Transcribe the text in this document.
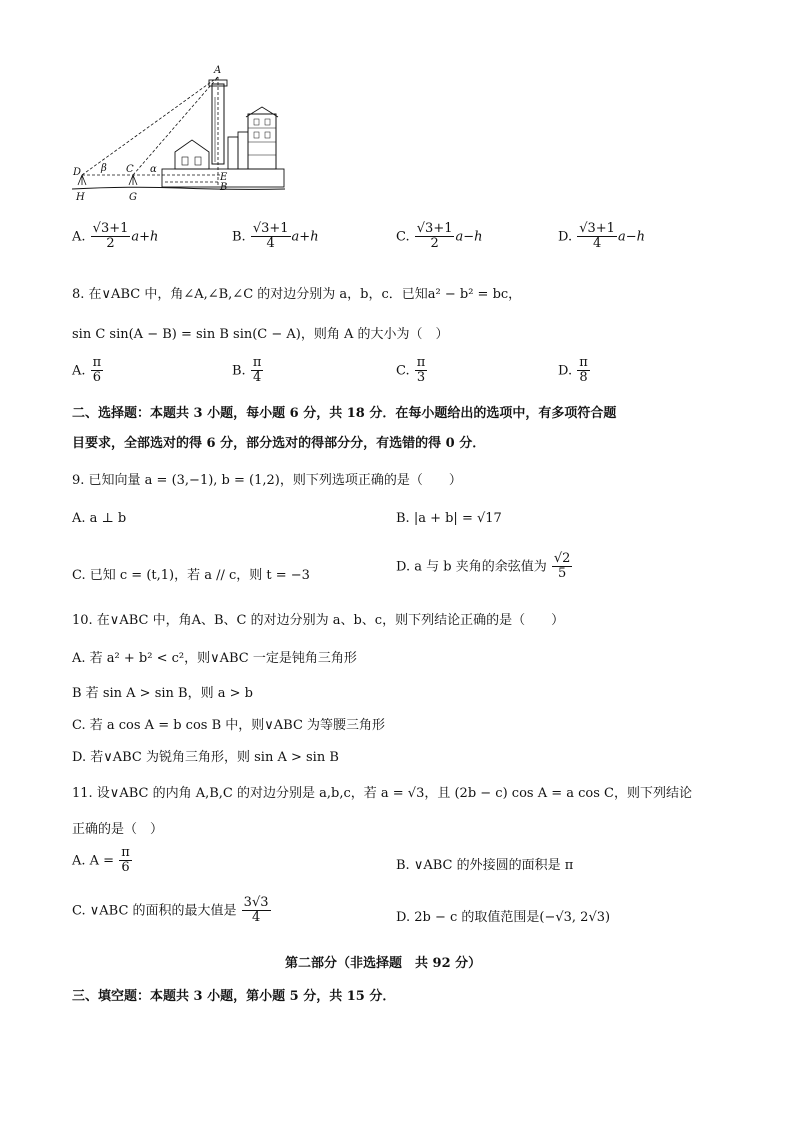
A
D β C α
E
B
H	G
A. $\frac{√3+1}{2} a+h$	B. $\frac{√3+1}{4} a+h$	C. $\frac{√3+1}{2} a-h$	D. $\frac{√3+1}{4} a-h$
8. 在∨ABC 中，角∠A,∠B,∠C 的对边分别为 a，b，c．已知a² − b² = bc，
sin C sin(A − B) = sin B sin(C − A)，则角 A 的大小为（　）
A. $\frac{\pi}{6}$	B. $\frac{\pi}{4}$	C. $\frac{\pi}{3}$	D. $\frac{\pi}{8}$
二、选择题：本题共 3 小题，每小题 6 分，共 18 分．在每小题给出的选项中，有多项符合题
目要求，全部选对的得 6 分，部分选对的得部分分，有选错的得 0 分．
9. 已知向量 a = (3,−1), b = (1,2)，则下列选项正确的是（　　）
A. a ⊥ b	B. |a + b| = √17
C. 已知 c = (t,1)，若 a // c，则 t = −3
D. a 与 b 夹角的余弦值为 $\frac{√2}{5}$
10. 在∨ABC 中，角A、B、C 的对边分别为 a、b、c，则下列结论正确的是（　　）
A. 若 a² + b² < c²，则∨ABC 一定是钝角三角形
B 若 sin A > sin B，则 a > b
C. 若 a cos A = b cos B 中，则∨ABC 为等腰三角形
D. 若∨ABC 为锐角三角形，则 sin A > sin B
11. 设∨ABC 的内角 A,B,C 的对边分别是 a,b,c，若 a = √3，且 (2b − c) cos A = a cos C，则下列结论
正确的是（　）
A. $A = \frac{\pi}{6}$	B. ∨ABC 的外接圆的面积是 π
C. ∨ABC 的面积的最大值是 $\frac{3√3}{4}$	D. 2b − c 的取值范围是(−√3, 2√3)
第二部分（非选择题　共 92 分）
三、填空题：本题共 3 小题，第小题 5 分，共 15 分．
